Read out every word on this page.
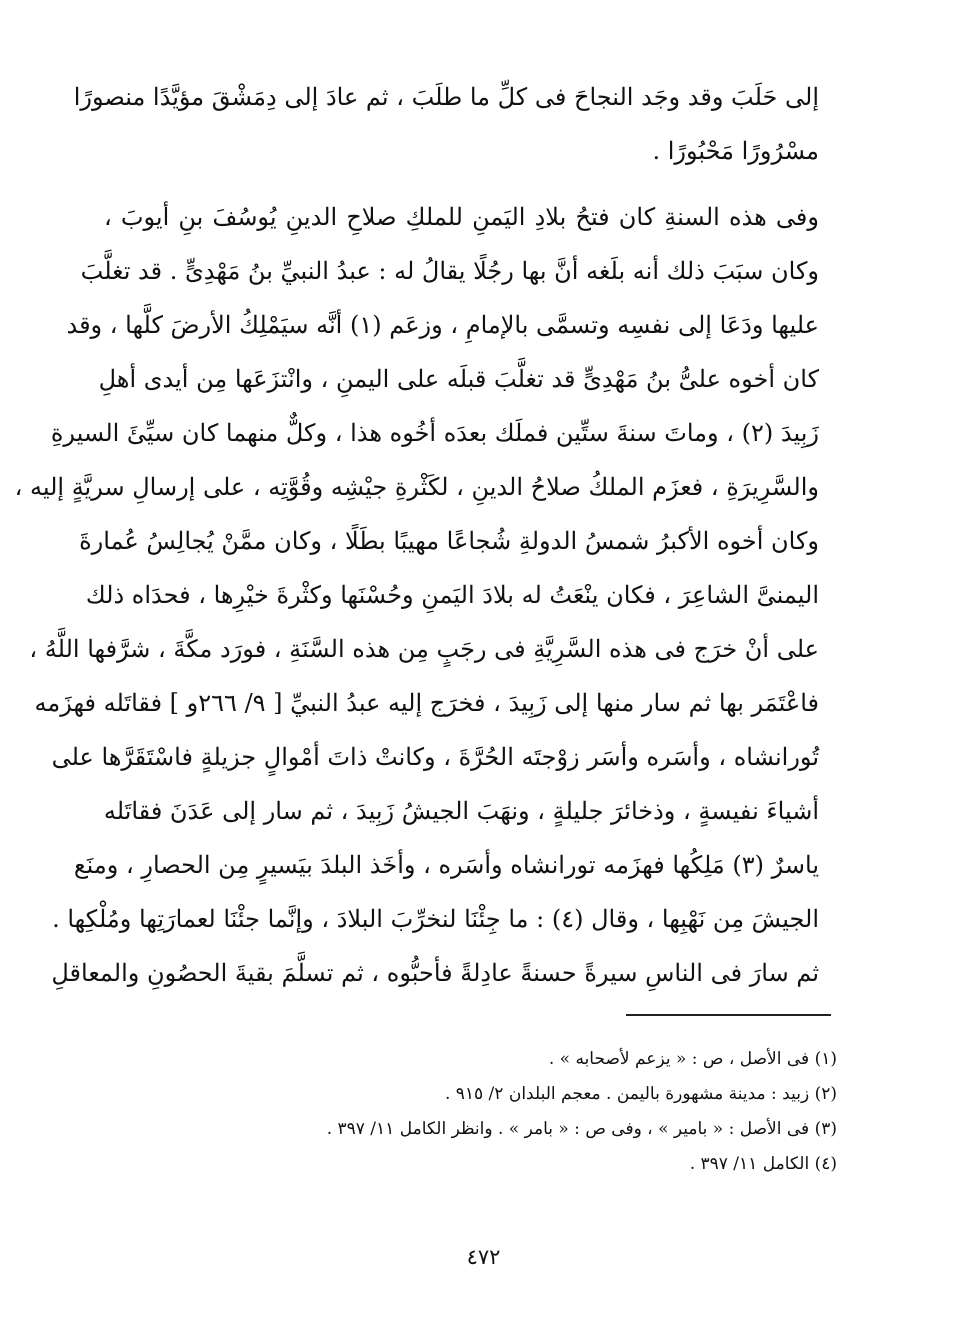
إلى حَلَبَ وقد وجَد النجاحَ فى كلِّ ما طلَبَ ، ثم عادَ إلى دِمَشْقَ مؤيَّدًا منصورًا
مسْرُورًا مَحْبُورًا .
وفى هذه السنةِ كان فتحُ بلادِ اليَمنِ للملكِ صلاحِ الدينِ يُوسُفَ بنِ أيوبَ ،
وكان سبَبَ ذلك أنه بلَغه أنَّ بها رجُلًا يقالُ له : عبدُ النبيِّ بنُ مَهْدِىٍّ . قد تغلَّبَ
عليها ودَعَا إلى نفسِه وتسمَّى بالإمامِ ، وزعَم (١) أنَّه سيَمْلِكُ الأرضَ كلَّها ، وقد
كان أخوه علىُّ بنُ مَهْدِىٍّ قد تغلَّبَ قبلَه على اليمنِ ، وانْتزَعَها مِن أيدى أهلِ
زَبِيدَ (٢) ، وماتَ سنةَ ستِّين فملَك بعدَه أخُوه هذا ، وكلٌّ منهما كان سيِّئَ السيرةِ
والسَّرِيرَةِ ، فعزَم الملكُ صلاحُ الدينِ ، لكَثْرةِ جيْشِه وقُوَّتِه ، على إرسالِ سريَّةٍ إليه ،
وكان أخوه الأكبرُ شمسُ الدولةِ شُجاعًا مهيبًا بطَلًا ، وكان ممَّنْ يُجالِسُ عُمارةَ
اليمنىَّ الشاعِرَ ، فكان ينْعَتُ له بلادَ اليَمنِ وحُسْنَها وكثْرةَ خيْرِها ، فحدَاه ذلك
على أنْ خرَج فى هذه السَّرِيَّةِ فى رجَبٍ مِن هذه السَّنَةِ ، فورَد مكَّةَ ، شرَّفها اللَّهُ ،
فاعْتَمَر بها ثم سار منها إلى زَبِيدَ ، فخرَج إليه عبدُ النبيِّ [ ٩/ ٢٦٦و ] فقاتَله فهزَمه
تُورانشاه ، وأسَره وأسَر زوْجتَه الحُرَّةَ ، وكانتْ ذاتَ أمْوالٍ جزيلةٍ فاسْتَقَرَّها على
أشياءَ نفيسةٍ ، وذخائرَ جليلةٍ ، ونهَبَ الجيشُ زَبِيدَ ، ثم سار إلى عَدَنَ فقاتَله
ياسرٌ (٣) مَلِكُها فهزَمه تورانشاه وأسَره ، وأخَذ البلدَ بيَسيرٍ مِن الحصارِ ، ومنَع
الجيشَ مِن نَهْبِها ، وقال (٤) : ما جِئْنَا لنخرِّبَ البلادَ ، وإنَّما جئْنَا لعمارَتِها ومُلْكِها .
ثم سارَ فى الناسِ سيرةً حسنةً عادِلةً فأحبُّوه ، ثم تسلَّمَ بقيةَ الحصُونِ والمعاقلِ
(١) فى الأصل ، ص : « يزعم لأصحابه » .
(٢) زبيد : مدينة مشهورة باليمن . معجم البلدان ٢/ ٩١٥ .
(٣) فى الأصل : « بامير » ، وفى ص : « بامر » . وانظر الكامل ١١/ ٣٩٧ .
(٤) الكامل ١١/ ٣٩٧ .
٤٧٢
